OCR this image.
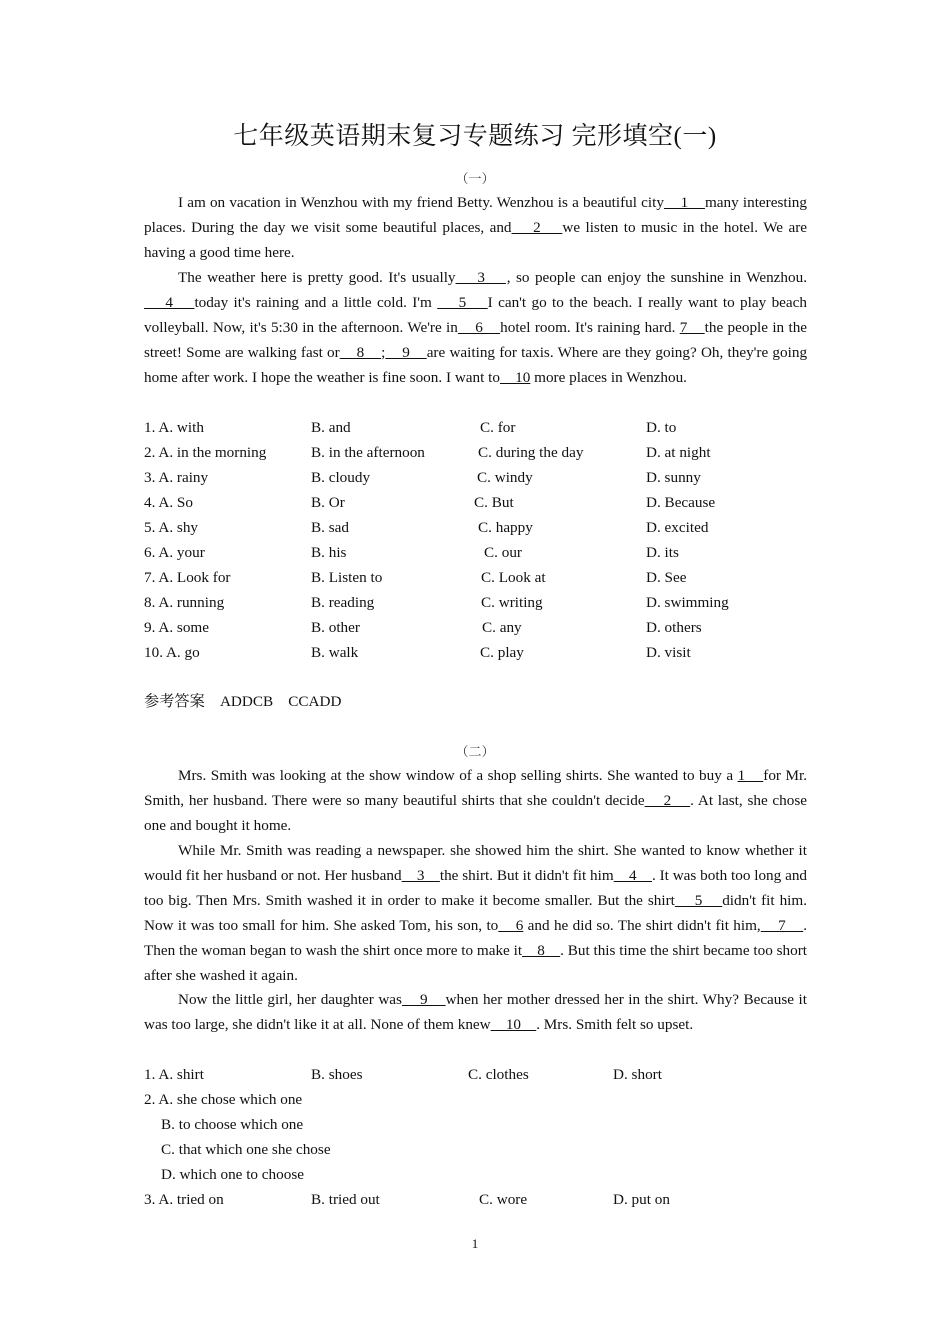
七年级英语期末复习专题练习 完形填空(一)
（一）
I am on vacation in Wenzhou with my friend Betty. Wenzhou is a beautiful city    1    many interesting places. During the day we visit some beautiful places, and    2    we listen to music in the hotel. We are having a good time here.
The weather here is pretty good. It's usually    3    , so people can enjoy the sunshine in Wenzhou.    4    today it's raining and a little cold. I'm     5    I can't go to the beach. I really want to play beach volleyball. Now, it's 5:30 in the afternoon. We're in    6    hotel room. It's raining hard. 7    the people in the street! Some are walking fast or    8    ;    9    are waiting for taxis. Where are they going? Oh, they're going home after work. I hope the weather is fine soon. I want to    10 more places in Wenzhou.
1. A. with	B. and	C. for	D. to
2. A. in the morning	B. in the afternoon	C. during the day	D. at night
3. A. rainy	B. cloudy	C. windy	D. sunny
4. A. So	B. Or	C. But	D. Because
5. A. shy	B. sad	C. happy	D. excited
6. A. your	B. his	C. our	D. its
7. A. Look for	B. Listen to	C. Look at	D. See
8. A. running	B. reading	C. writing	D. swimming
9. A. some	B. other	C. any	D. others
10. A. go	B. walk	C. play	D. visit
参考答案    ADDCB    CCADD
（二）
Mrs. Smith was looking at the show window of a shop selling shirts. She wanted to buy a 1    for Mr. Smith, her husband. There were so many beautiful shirts that she couldn't decide    2    . At last, she chose one and bought it home.
While Mr. Smith was reading a newspaper. she showed him the shirt. She wanted to know whether it would fit her husband or not. Her husband    3    the shirt. But it didn't fit him    4    . It was both too long and too big. Then Mrs. Smith washed it in order to make it become smaller. But the shirt    5    didn't fit him. Now it was too small for him. She asked Tom, his son, to    6 and he did so. The shirt didn't fit him,    7    . Then the woman began to wash the shirt once more to make it    8    . But this time the shirt became too short after she washed it again.
Now the little girl, her daughter was    9    when her mother dressed her in the shirt. Why? Because it was too large, she didn't like it at all. None of them knew    10    . Mrs. Smith felt so upset.
1. A. shirt	B. shoes	C. clothes	D. short
2. A. she chose which one
B. to choose which one
C. that which one she chose
D. which one to choose
3. A. tried on	B. tried out	C. wore	D. put on
1
